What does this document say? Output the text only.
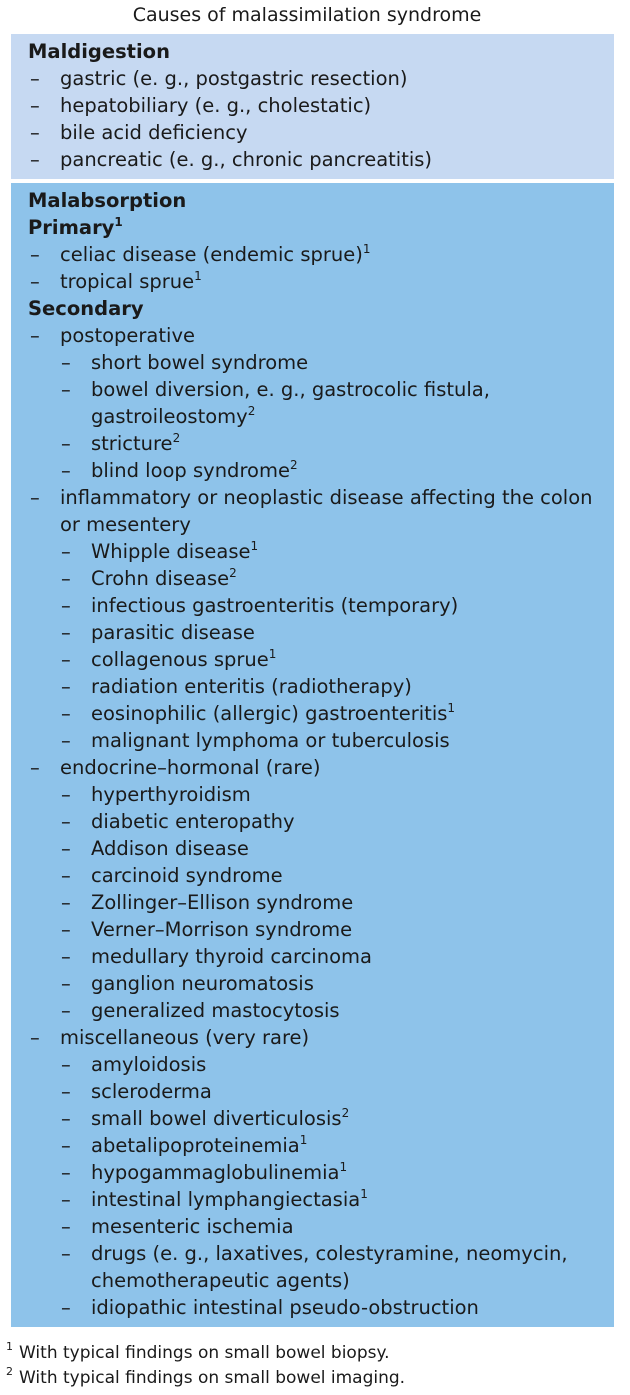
Causes of malassimilation syndrome
Maldigestion
– gastric (e. g., postgastric resection)
– hepatobiliary (e. g., cholestatic)
– bile acid deficiency
– pancreatic (e. g., chronic pancreatitis)
Malabsorption
Primary$^1$
– celiac disease (endemic sprue)$^1$
– tropical sprue$^1$
Secondary
– postoperative
– short bowel syndrome
– bowel diversion, e. g., gastrocolic fistula,
gastroileostomy$^2$
– stricture$^2$
– blind loop syndrome$^2$
– inflammatory or neoplastic disease affecting the colon
or mesentery
– Whipple disease$^1$
– Crohn disease$^2$
– infectious gastroenteritis (temporary)
– parasitic disease
– collagenous sprue$^1$
– radiation enteritis (radiotherapy)
– eosinophilic (allergic) gastroenteritis$^1$
– malignant lymphoma or tuberculosis
– endocrine–hormonal (rare)
– hyperthyroidism
– diabetic enteropathy
– Addison disease
– carcinoid syndrome
– Zollinger–Ellison syndrome
– Verner–Morrison syndrome
– medullary thyroid carcinoma
– ganglion neuromatosis
– generalized mastocytosis
– miscellaneous (very rare)
– amyloidosis
– scleroderma
– small bowel diverticulosis$^2$
– abetalipoproteinemia$^1$
– hypogammaglobulinemia$^1$
– intestinal lymphangiectasia$^1$
– mesenteric ischemia
– drugs (e. g., laxatives, colestyramine, neomycin,
chemotherapeutic agents)
– idiopathic intestinal pseudo-obstruction
$^1$ With typical findings on small bowel biopsy.
$^2$ With typical findings on small bowel imaging.
